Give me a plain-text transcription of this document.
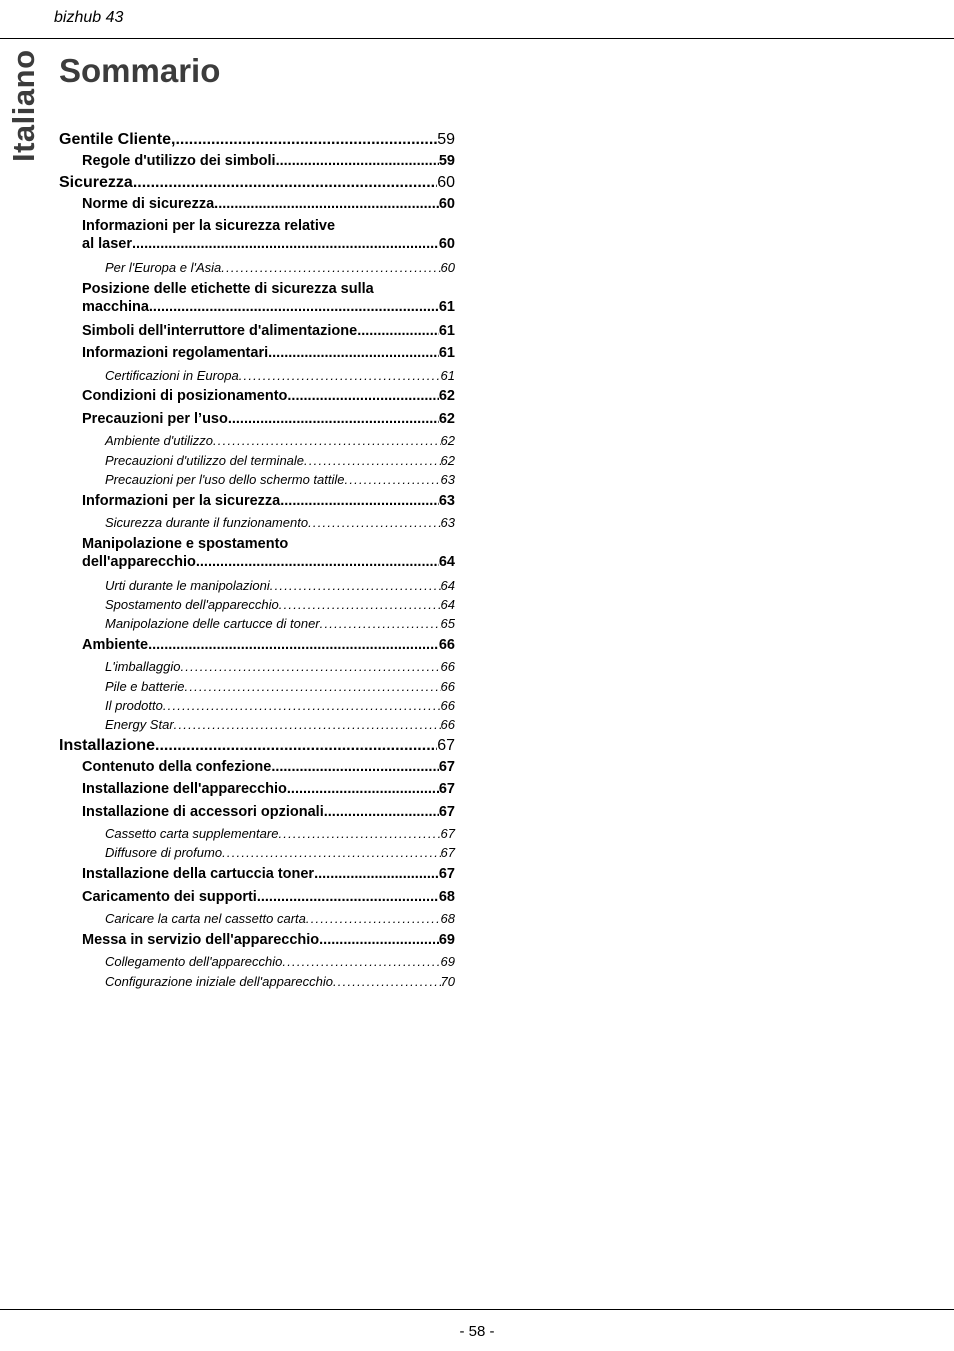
bizhub 43
Italiano Sommario
Gentile Cliente, .....	59
Regole d'utilizzo dei simboli .....	59
Sicurezza .....	60
Norme di sicurezza .....	60
Informazioni per la sicurezza relative
al laser .....	60
Per l'Europa e l'Asia . . .	60
Posizione delle etichette di sicurezza sulla
macchina .....	61
Simboli dell'interruttore d'alimentazione .....	61
Informazioni regolamentari .....	61
Certificazioni in Europa . . .	61
Condizioni di posizionamento .....	62
Precauzioni per l’uso .....	62
Ambiente d'utilizzo . . .	62
Precauzioni d'utilizzo del terminale . . .	62
Precauzioni per l'uso dello schermo tattile . . .	63
Informazioni per la sicurezza .....	63
Sicurezza durante il funzionamento . . .	63
Manipolazione e spostamento
dell'apparecchio .....	64
Urti durante le manipolazioni . . .	64
Spostamento dell'apparecchio . . .	64
Manipolazione delle cartucce di toner . . .	65
Ambiente .....	66
L'imballaggio . . .	66
Pile e batterie . . .	66
Il prodotto . . .	66
Energy Star . . .	66
Installazione .....	67
Contenuto della confezione .....	67
Installazione dell'apparecchio .....	67
Installazione di accessori opzionali .....	67
Cassetto carta supplementare . . .	67
Diffusore di profumo . . .	67
Installazione della cartuccia toner .....	67
Caricamento dei supporti .....	68
Caricare la carta nel cassetto carta . . .	68
Messa in servizio dell'apparecchio .....	69
Collegamento dell'apparecchio . . .	69
Configurazione iniziale dell'apparecchio . . .	70
- 58 -
